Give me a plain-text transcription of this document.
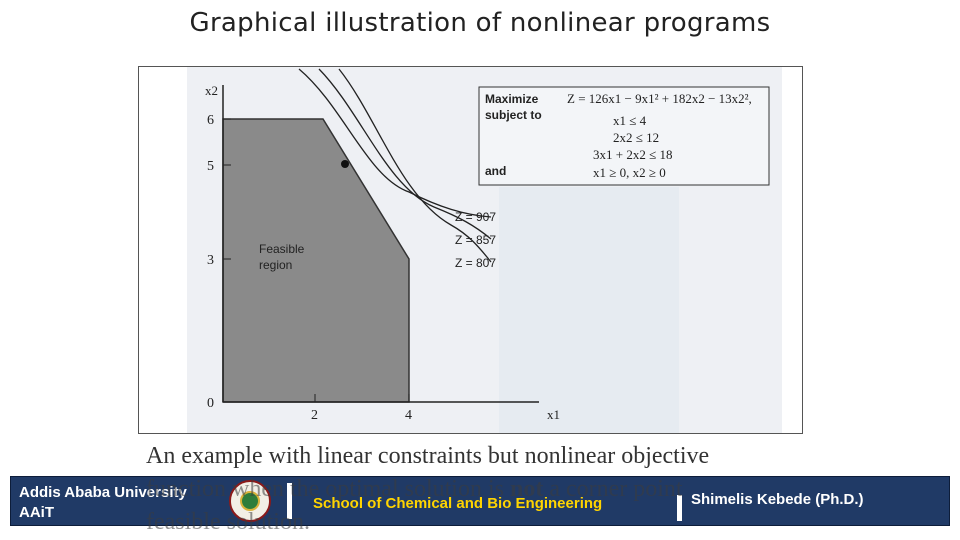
Graphical illustration of nonlinear programs
x2
6
5
3
0
2	4	x1
Feasible
region
Z = 907
Z = 857
Z = 807
Maximize Z = 126x1 − 9x1² + 182x2 − 13x2²,
subject to	x1 ≤ 4
2x2 ≤ 12
3x1 + 2x2 ≤ 18
and	x1 ≥ 0, x2 ≥ 0
An example with linear constraints but nonlinear objective
Addis Ababa University
AAiT
School of Chemical and Bio Engineering	Shimelis Kebede (Ph.D.)
function when the optimal solution is not a corner point
feasible solution.
